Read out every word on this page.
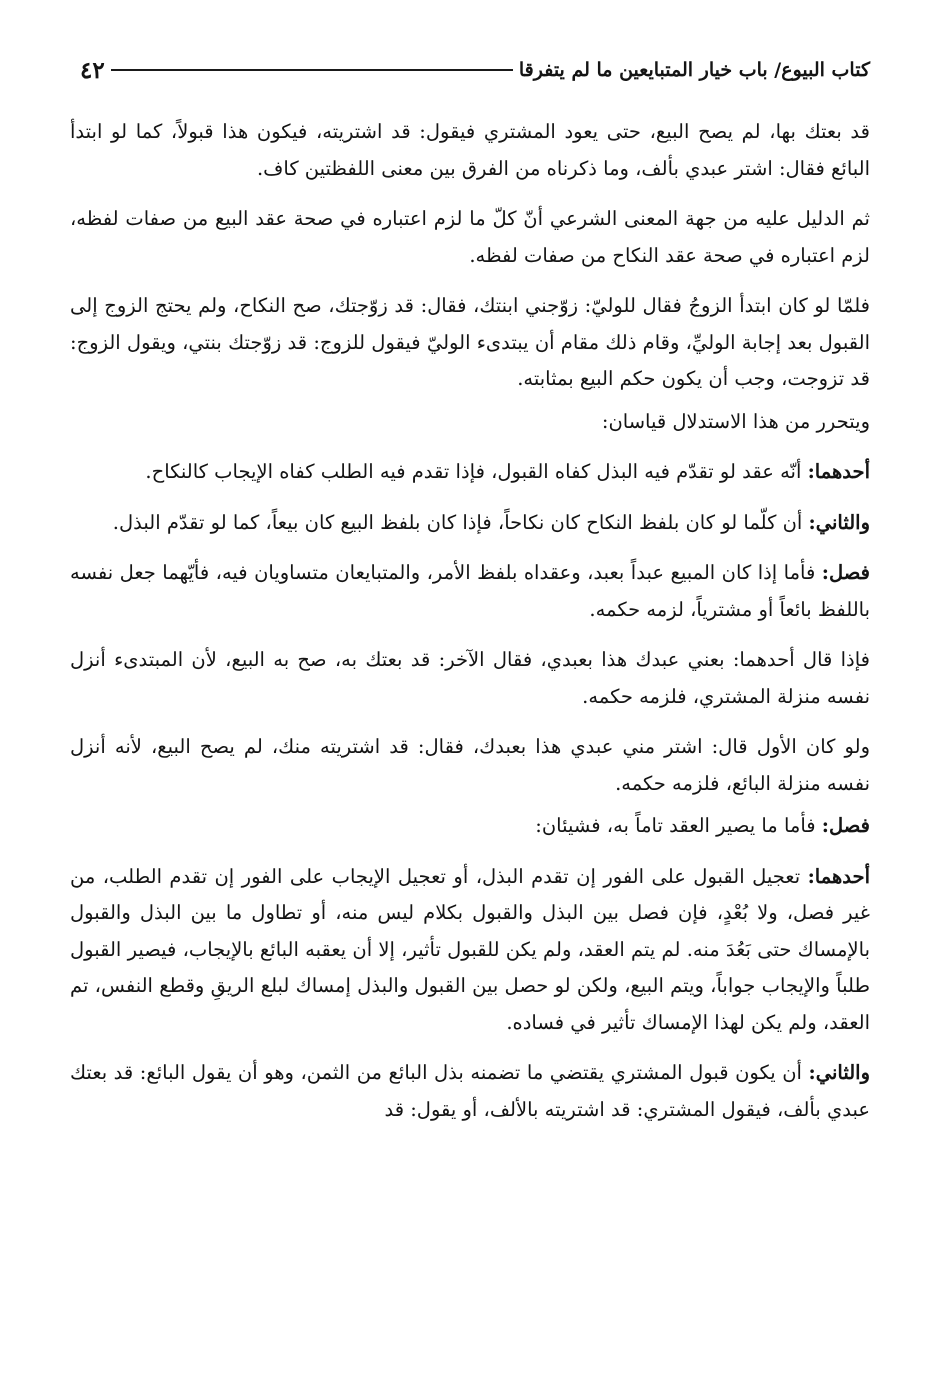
كتاب البيوع/ باب خيار المتبايعين ما لم يتفرقا
٤٢

قد بعتك بها، لم يصح البيع، حتى يعود المشتري فيقول: قد اشتريته، فيكون هذا قبولاً، كما لو ابتدأ البائع فقال: اشتر عبدي بألف، وما ذكرناه من الفرق بين معنى اللفظتين كاف.

ثم الدليل عليه من جهة المعنى الشرعي أنّ كلّ ما لزم اعتباره في صحة عقد البيع من صفات لفظه، لزم اعتباره في صحة عقد النكاح من صفات لفظه.

فلمّا لو كان ابتدأ الزوجُ فقال للوليّ: زوّجني ابنتك، فقال: قد زوّجتك، صح النكاح، ولم يحتج الزوج إلى القبول بعد إجابة الوليِّ، وقام ذلك مقام أن يبتدىء الوليّ فيقول للزوج: قد زوّجتك بنتي، ويقول الزوج: قد تزوجت، وجب أن يكون حكم البيع بمثابته.

ويتحرر من هذا الاستدلال قياسان:

أحدهما: أنّه عقد لو تقدّم فيه البذل كفاه القبول، فإذا تقدم فيه الطلب كفاه الإيجاب كالنكاح.

والثاني: أن كلّما لو كان بلفظ النكاح كان نكاحاً، فإذا كان بلفظ البيع كان بيعاً، كما لو تقدّم البذل.

فصل: فأما إذا كان المبيع عبداً بعبد، وعقداه بلفظ الأمر، والمتبايعان متساويان فيه، فأيّهما جعل نفسه باللفظ بائعاً أو مشترياً، لزمه حكمه.

فإذا قال أحدهما: بعني عبدك هذا بعبدي، فقال الآخر: قد بعتك به، صح به البيع، لأن المبتدىء أنزل نفسه منزلة المشتري، فلزمه حكمه.

ولو كان الأول قال: اشتر مني عبدي هذا بعبدك، فقال: قد اشتريته منك، لم يصح البيع، لأنه أنزل نفسه منزلة البائع، فلزمه حكمه.

فصل: فأما ما يصير العقد تاماً به، فشيئان:

أحدهما: تعجيل القبول على الفور إن تقدم البذل، أو تعجيل الإيجاب على الفور إن تقدم الطلب، من غير فصل، ولا بُعْدٍ، فإن فصل بين البذل والقبول بكلام ليس منه، أو تطاول ما بين البذل والقبول بالإمساك حتى بَعُدَ منه. لم يتم العقد، ولم يكن للقبول تأثير، إلا أن يعقبه البائع بالإيجاب، فيصير القبول طلباً والإيجاب جواباً، ويتم البيع، ولكن لو حصل بين القبول والبذل إمساك لبلع الريقِ وقطع النفس، تم العقد، ولم يكن لهذا الإمساك تأثير في فساده.

والثاني: أن يكون قبول المشتري يقتضي ما تضمنه بذل البائع من الثمن، وهو أن يقول البائع: قد بعتك عبدي بألف، فيقول المشتري: قد اشتريته بالألف، أو يقول: قد
